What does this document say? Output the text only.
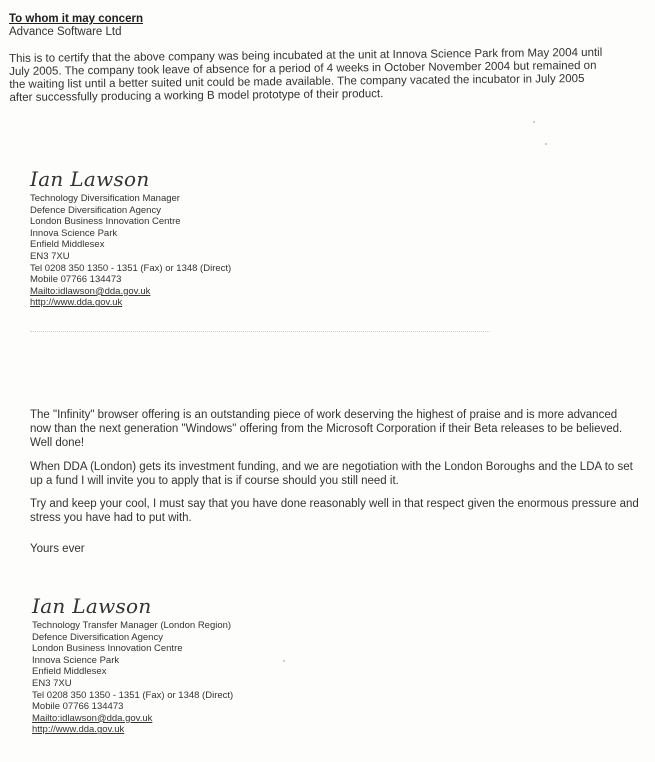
To whom it may concern
Advance Software Ltd
This is to certify that the above company was being incubated at the unit at Innova Science Park from May 2004 until July 2005. The company took leave of absence for a period of 4 weeks in October November 2004 but remained on the waiting list until a better suited unit could be made available. The company vacated the incubator in July 2005 after successfully producing a working B model prototype of their product.
Ian Lawson
Technology Diversification Manager
Defence Diversification Agency
London Business Innovation Centre
Innova Science Park
Enfield Middlesex
EN3 7XU
Tel 0208 350 1350 - 1351 (Fax) or 1348 (Direct)
Mobile 07766 134473
Mailto:idlawson@dda.gov.uk
http://www.dda.gov.uk

The "Infinity" browser offering is an outstanding piece of work deserving the highest of praise and is more advanced now than the next generation "Windows" offering from the Microsoft Corporation if their Beta releases to be believed. Well done!

When DDA (London) gets its investment funding, and we are negotiation with the London Boroughs and the LDA to set up a fund I will invite you to apply that is if course should you still need it.

Try and keep your cool, I must say that you have done reasonably well in that respect given the enormous pressure and stress you have had to put with.

Yours ever

Ian Lawson
Technology Transfer Manager (London Region)
Defence Diversification Agency
London Business Innovation Centre
Innova Science Park
Enfield Middlesex
EN3 7XU
Tel 0208 350 1350 - 1351 (Fax) or 1348 (Direct)
Mobile 07766 134473
Mailto:idlawson@dda.gov.uk
http://www.dda.gov.uk
